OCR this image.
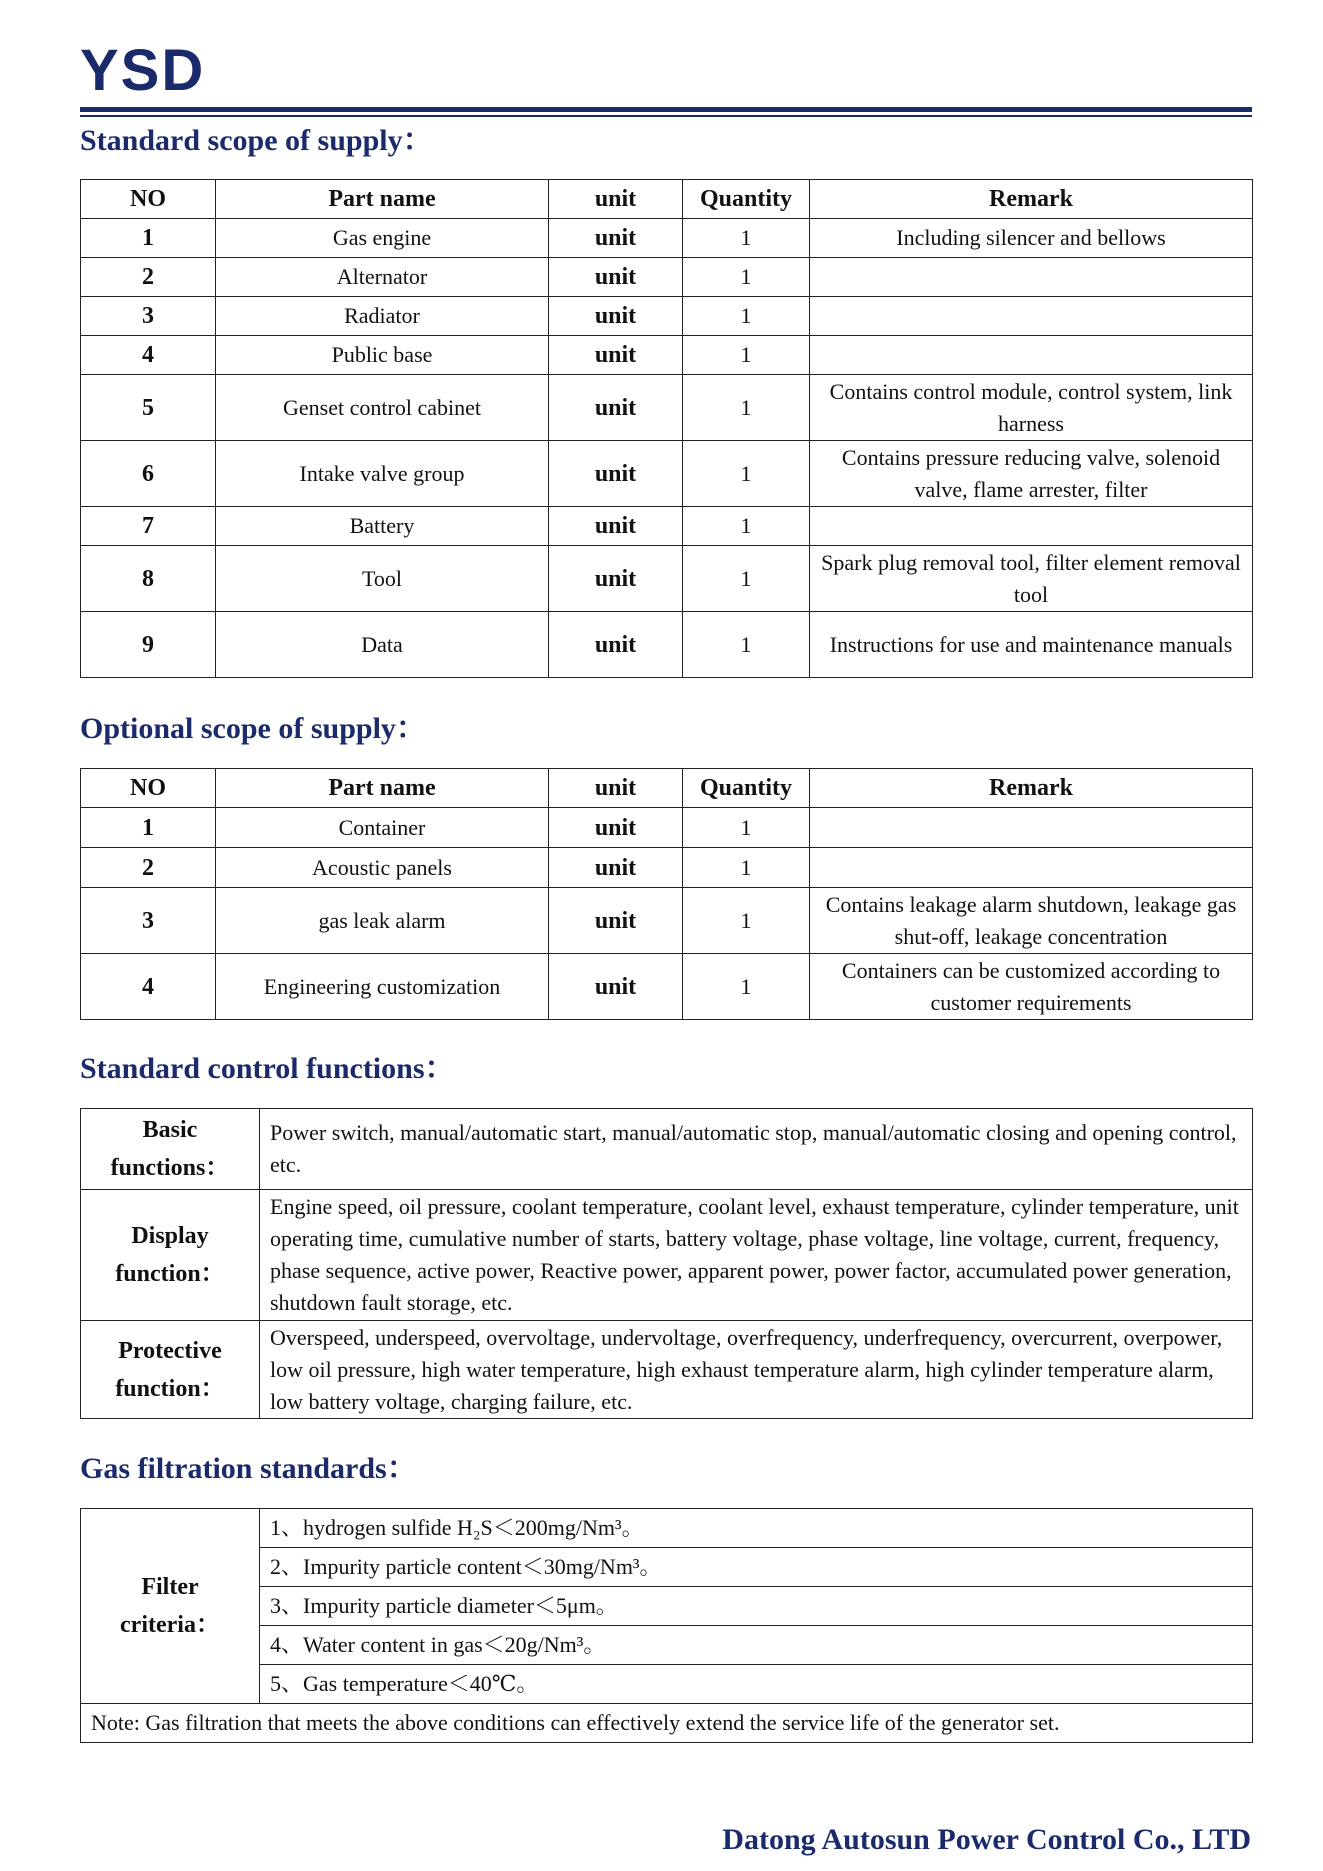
YSD
Standard scope of supply：
NO	Part name	unit	Quantity	Remark
1	Gas engine	unit	1	Including silencer and bellows
2	Alternator	unit	1	
3	Radiator	unit	1	
4	Public base	unit	1	
5	Genset control cabinet	unit	1	Contains control module, control system, link harness
6	Intake valve group	unit	1	Contains pressure reducing valve, solenoid valve, flame arrester, filter
7	Battery	unit	1	
8	Tool	unit	1	Spark plug removal tool, filter element removal tool
9	Data	unit	1	Instructions for use and maintenance manuals
Optional scope of supply：
NO	Part name	unit	Quantity	Remark
1	Container	unit	1	
2	Acoustic panels	unit	1	
3	gas leak alarm	unit	1	Contains leakage alarm shutdown, leakage gas shut-off, leakage concentration
4	Engineering customization	unit	1	Containers can be customized according to customer requirements
Standard control functions：
Basic
functions：	Power switch, manual/automatic start, manual/automatic stop, manual/automatic closing and opening control, etc.

Display
function：	Engine speed, oil pressure, coolant temperature, coolant level, exhaust temperature, cylinder temperature, unit operating time, cumulative number of starts, battery voltage, phase voltage, line voltage, current, frequency, phase sequence, active power, Reactive power, apparent power, power factor, accumulated power generation, shutdown fault storage, etc.

Protective
function：	Overspeed, underspeed, overvoltage, undervoltage, overfrequency, underfrequency, overcurrent, overpower, low oil pressure, high water temperature, high exhaust temperature alarm, high cylinder temperature alarm, low battery voltage, charging failure, etc.
Gas filtration standards：
Filter
criteria：
	1、hydrogen sulfide H₂S＜200mg/Nm³。
2、Impurity particle content＜30mg/Nm³。
3、Impurity particle diameter＜5μm。
4、Water content in gas＜20g/Nm³。
5、Gas temperature＜40℃。
Note: Gas filtration that meets the above conditions can effectively extend the service life of the generator set.
Datong Autosun Power Control Co., LTD
